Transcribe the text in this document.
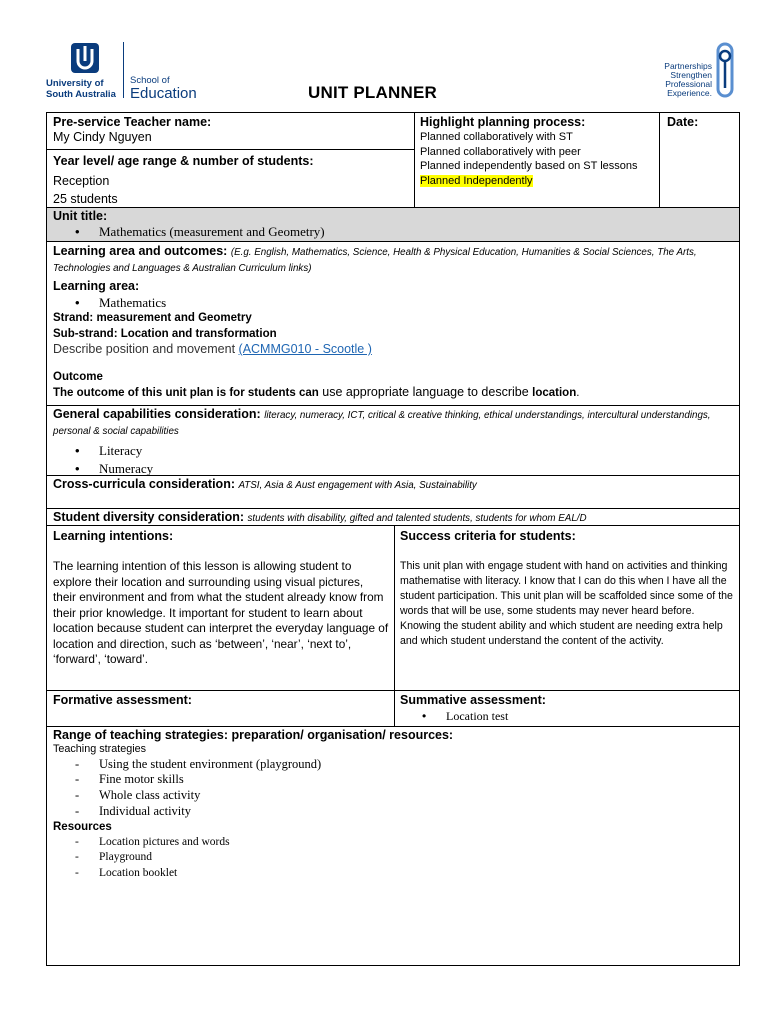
University of
South Australia
School of
Education	UNIT PLANNER
Partnerships
Strengthen
Professional
Experience.
Pre-service Teacher name:
My Cindy Nguyen
Year level/ age range & number of students:
Reception
25 students
Highlight planning process:
Planned collaboratively with ST
Planned collaboratively with peer
Planned independently based on ST lessons
Planned Independently
Date:
Unit title:
• Mathematics (measurement and Geometry)
Learning area and outcomes: (E.g. English, Mathematics, Science, Health & Physical Education, Humanities & Social Sciences, The Arts, Technologies and Languages & Australian Curriculum links)
Learning area:
• Mathematics
Strand: measurement and Geometry
Sub-strand: Location and transformation
Describe position and movement (ACMMG010 - Scootle )
Outcome
The outcome of this unit plan is for students can use appropriate language to describe location.
General capabilities consideration: literacy, numeracy, ICT, critical & creative thinking, ethical understandings, intercultural understandings, personal & social capabilities
• Literacy
• Numeracy
Cross-curricula consideration: ATSI, Asia & Aust engagement with Asia, Sustainability
Student diversity consideration: students with disability, gifted and talented students, students for whom EAL/D
Learning intentions:
The learning intention of this lesson is allowing student to explore their location and surrounding using visual pictures, their environment and from what the student already know from their prior knowledge. It important for student to learn about location because student can interpret the everyday language of location and direction, such as ‘between’, ‘near’, ‘next to’, ‘forward’, ‘toward’.
Success criteria for students:
This unit plan with engage student with hand on activities and thinking mathematise with literacy. I know that I can do this when I have all the student participation. This unit plan will be scaffolded since some of the words that will be use, some students may never heard before. Knowing the student ability and which student are needing extra help and which student understand the content of the activity.
Formative assessment:	Summative assessment:
• Location test
Range of teaching strategies: preparation/ organisation/ resources:
Teaching strategies
- Using the student environment (playground)
- Fine motor skills
- Whole class activity
- Individual activity
Resources
- Location pictures and words
- Playground
- Location booklet
